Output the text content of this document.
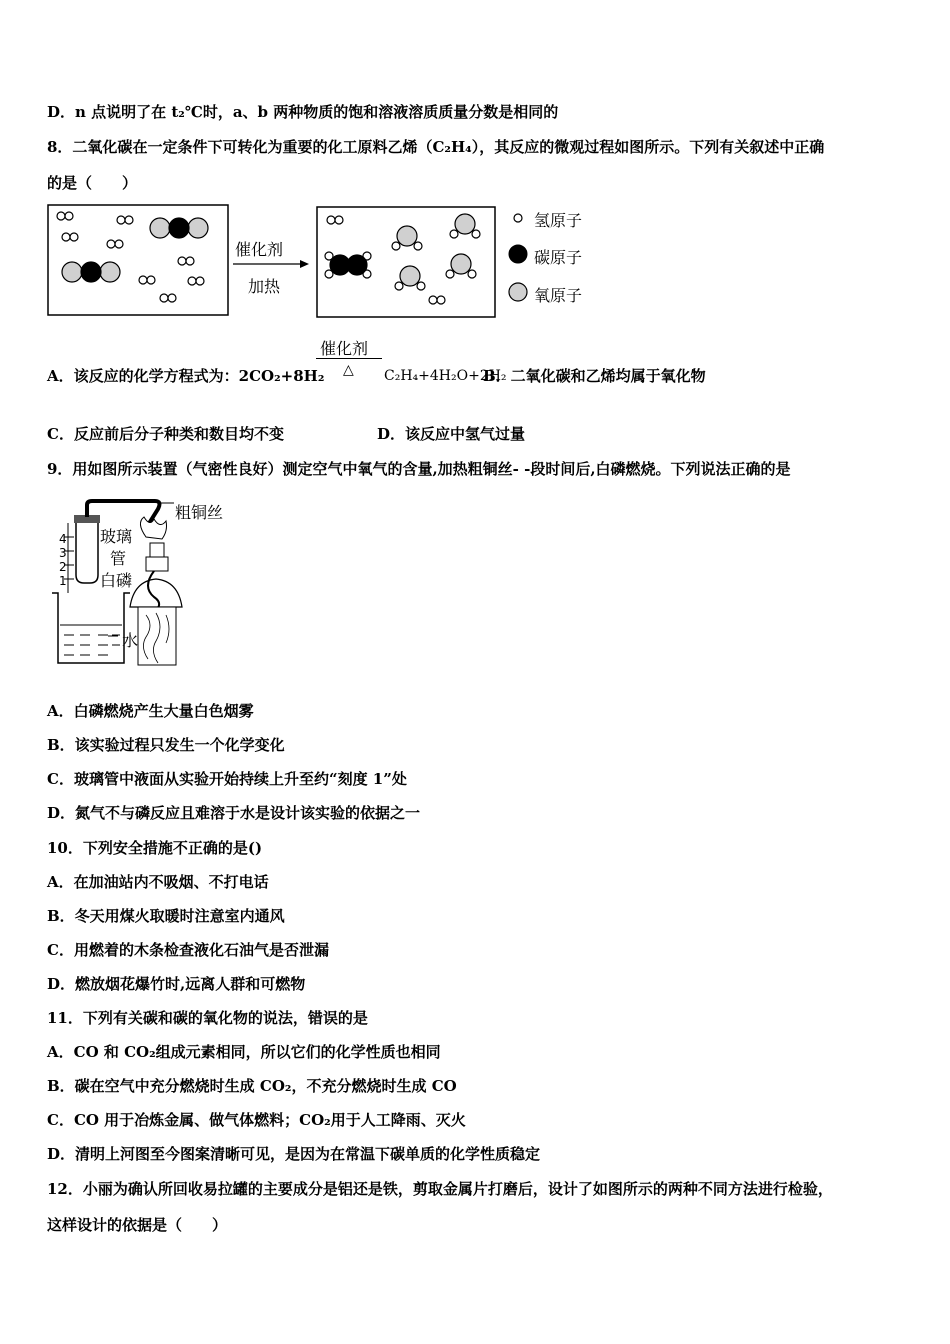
D．n 点说明了在 t₂℃时，a、b 两种物质的饱和溶液溶质质量分数是相同的
8．二氧化碳在一定条件下可转化为重要的化工原料乙烯（C₂H₄），其反应的微观过程如图所示。下列有关叙述中正确
的是（　　）
催化剂
加热
氢原子
碳原子
氧原子
A．该反应的化学方程式为：2CO₂+8H₂
催化剂
△ C₂H₄+4H₂O+2H₂
B．二氧化碳和乙烯均属于氧化物
C．反应前后分子种类和数目均不变	D．该反应中氢气过量
9．用如图所示装置（气密性良好）测定空气中氧气的含量,加热粗铜丝- -段时间后,白磷燃烧。下列说法正确的是
粗铜丝
玻璃
管
白磷
水
4
3
2
1
A．白磷燃烧产生大量白色烟雾
B．该实验过程只发生一个化学变化
C．玻璃管中液面从实验开始持续上升至约“刻度 1”处
D．氮气不与磷反应且难溶于水是设计该实验的依据之一
10．下列安全措施不正确的是()
A．在加油站内不吸烟、不打电话
B．冬天用煤火取暖时注意室内通风
C．用燃着的木条检查液化石油气是否泄漏
D．燃放烟花爆竹时,远离人群和可燃物
11．下列有关碳和碳的氧化物的说法，错误的是
A．CO 和 CO₂组成元素相同，所以它们的化学性质也相同
B．碳在空气中充分燃烧时生成 CO₂，不充分燃烧时生成 CO
C．CO 用于冶炼金属、做气体燃料；CO₂用于人工降雨、灭火
D．清明上河图至今图案清晰可见，是因为在常温下碳单质的化学性质稳定
12．小丽为确认所回收易拉罐的主要成分是铝还是铁，剪取金属片打磨后，设计了如图所示的两种不同方法进行检验，
这样设计的依据是（　　）
